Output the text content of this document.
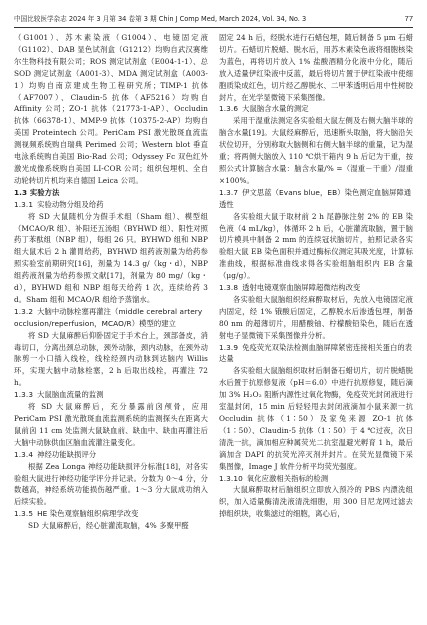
中国比较医学杂志 2024 年 3 月第 34 卷第 3 期 Chin J Comp Med, March 2024, Vol. 34, No. 3	77

（G1001）、苏木素染液（G1004）、电镜固定液（G1102）、DAB 显色试剂盒（G1212）均购自武汉赛维尔生物科技有限公司；ROS 测定试剂盒（E004-1-1）、总 SOD 测定试剂盒（A001-3）、MDA 测定试剂盒（A003-1）均购自南京建成生物工程研究所；TIMP-1 抗体（AF7007）、Claudin-5 抗体（AF5216）均购自 Affinity 公司；ZO-1 抗体（21773-1-AP）、Occludin 抗体（66378-1）、MMP-9 抗体（10375-2-AP）均购自美国 Proteintech 公司。PeriCam PSI 激光散斑血流监测视频系统购自瑞典 Perimed 公司；Western blot 垂直电泳系统购自美国 Bio-Rad 公司；Odyssey Fc 双色红外激光成像系统购自美国 LI-COR 公司；组织包埋机、全自动轮转切片机均来自德国 Leica 公司。

1.3 实验方法

1.3.1 实验动物分组及给药

将 SD 大鼠随机分为假手术组（Sham 组）、模型组（MCAO/R 组）、补阳还五汤组（BYHWD 组）、阳性对照药丁苯酞组（NBP 组），每组 26 只。BYHWD 组和 NBP 组大鼠术后 2 h 灌胃给药，BYHWD 组药液剂量为给药参照实验室前期研究[16]，剂量为 14.3 g/（kg・d），NBP 组药液剂量为给药参照文献[17]，剂量为 80 mg/（kg・d），BYHWD 组和 NBP 组每天给药 1 次，连续给药 3 d。Sham 组和 MCAO/R 组给予蒸馏水。

1.3.2 大脑中动脉栓塞再灌注（middle cerebral artery occlusion/reperfusion，MCAO/R）模型的建立

将 SD 大鼠麻醉后仰卧固定于手术台上，颈部备皮，消毒切口，分离出颈总动脉，颈外动脉，颈内动脉，在颈外动脉剪一小口插入线栓，线栓经颈内动脉到达脑内 Willis 环，实现大脑中动脉栓塞，2 h 后取出线栓，再灌注 72 h。

1.3.3 大鼠脑血流量的监测

将 SD 大鼠麻醉后，充分暴露前囟颅骨，应用 PeriCam PSI 激光散斑血流监测系统的监测探头在距离大鼠前囟 11 cm 处监测大鼠缺血前、缺血中、缺血再灌注后大脑中动脉供血区脑血流灌注量变化。

1.3.4 神经功能缺损评分

根据 Zea Longa 神经功能缺损评分标准[18]，对各实验组大鼠进行神经功能学评分并记录。分数为 0～4 分，分数越高，神经系统功能损伤越严重。1～3 分大鼠成功纳入后续实验。

1.3.5 HE 染色观察脑组织病理学改变

SD 大鼠麻醉后，经心脏灌流取脑，4% 多聚甲醛

固定 24 h 后，经脱水进行石蜡包埋，随后制备 5 μm 石蜡切片。石蜡切片脱蜡、脱水后，用苏木素染色液将细胞核染为蓝色，再将切片放入 1% 盐酸酒精分化液中分化，随后放入适量伊红染液中反蓝，最后将切片置于伊红染液中使细胞质染成红色，切片经乙醇脱水、二甲苯透明后用中性树胶封片，在光学显微镜下采集图像。

1.3.6 大鼠脑含水量的测定

采用干湿重法测定各实验组大鼠左侧及右侧大脑半球的脑含水量[19]。大鼠经麻醉后，迅速断头取脑，将大脑沿矢状位切开，分别称取大脑侧和右侧大脑半球的重量，记为湿重；将两侧大脑放入 110 ℃烘干箱内 9 h 后记为干重，按照公式计算脑含水量：脑含水量/% =（湿重－干重）/湿重 ×100%。

1.3.7 伊文思蓝（Evans blue，EB）染色测定血脑屏障通透性

各实验组大鼠于取材前 2 h 尾静脉注射 2% 的 EB 染色液（4 mL/kg），体循环 2 h 后，心脏灌流取脑，置于脑切片模具中制备 2 mm 的连续冠状脑切片，拍照记录各实验组大鼠 EB 染色面积并通过酶标仪测定其吸光度，计算标准曲线，根据标准曲线求得各实验组脑组织内 EB 含量（μg/g）。

1.3.8 透射电镜观察血脑屏障超微结构改变

各实验组大鼠脑组织经麻醉取材后，先放入电镜固定液内固定，经 1% 锇酸后固定，乙醇脱水后渗透包埋，制备 80 nm 的超薄切片，用醋酸铀、柠檬酸铅染色，随后在透射电子显微镜下采集图像并分析。

1.3.9 免疫荧光双染法检测血脑屏障紧密连接相关蛋白的表达量

各实验组大鼠脑组织取材后制备石蜡切片，切片脱蜡脱水后置于抗原修复液（pH＝6.0）中进行抗原修复，随后滴加 3% H₂O₂ 阻断内源性过氧化物酶，免疫荧光封闭液进行室温封闭，15 min 后轻轻甩去封闭液滴加小鼠来源一抗 Occludin 抗体（1∶50）及家兔来源 ZO-1 抗体（1∶50）、Claudin-5 抗体（1∶50）于 4 ℃过夜，次日清洗一抗，滴加相应种属荧光二抗室温避光孵育 1 h，最后滴加含 DAPI 的抗荧光淬灭剂并封片。在荧光显微镜下采集图像，Image J 软件分析平均荧光强度。

1.3.10 氧化应激相关指标的检测

大鼠麻醉取材后脑组织立即放入预冷的 PBS 内漂洗组织，加入适量酶清洗液清洗细胞，用 300 目尼龙网过滤去掉组织块，收集滤过的细胞，离心后，
